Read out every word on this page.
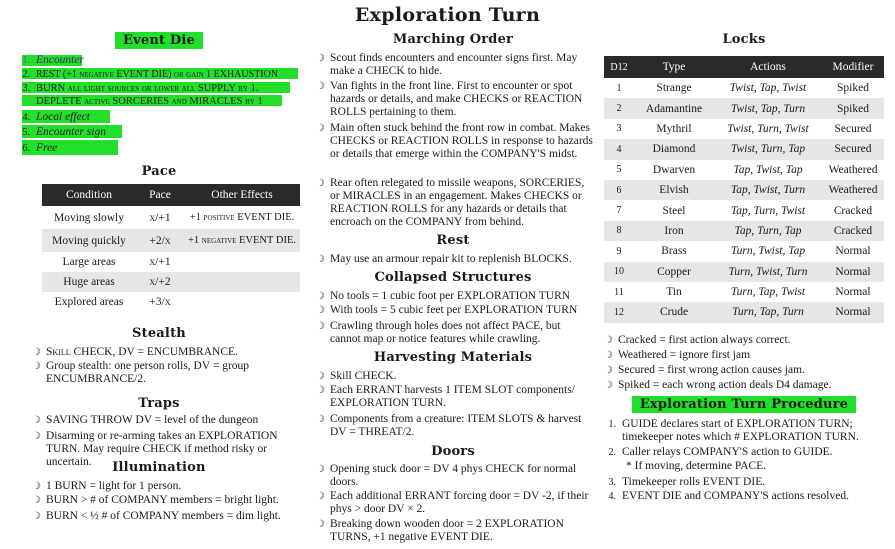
Exploration Turn
Event Die
1. Encounter
2. REST (+1 negative EVENT DIE) or gain 1 EXHAUSTION
3. BURN all light sources or lower all SUPPLY by 1.
DEPLETE active SORCERIES and MIRACLES by 1
4. Local effect
5. Encounter sign
6. Free
Pace
Condition	Pace	Other Effects
Moving slowly	x/+1	+1 positive EVENT DIE.
Moving quickly	+2/x	+1 negative EVENT DIE.
Large areas	x/+1	
Huge areas	x/+2	
Explored areas	+3/x	
Stealth
☽ Skill CHECK, DV = ENCUMBRANCE.
☽ Group stealth: one person rolls, DV = group ENCUMBRANCE/2.
Traps
☽ SAVING THROW DV = level of the dungeon
☽ Disarming or re-arming takes an EXPLORATION TURN. May require CHECK if method risky or uncertain.	Illumination
☽ 1 BURN = light for 1 person.
☽ BURN > # of COMPANY members = bright light.
☽ BURN < ½ # of COMPANY members = dim light.
Marching Order
☽ Scout finds encounters and encounter signs first. May make a CHECK to hide.
☽ Van fights in the front line. First to encounter or spot hazards or details, and make CHECKS or REACTION ROLLS pertaining to them.
☽ Main often stuck behind the front row in combat. Makes CHECKS or REACTION ROLLS in response to hazards or details that emerge within the COMPANY'S midst.
☽ Rear often relegated to missile weapons, SORCERIES, or MIRACLES in an engagement. Makes CHECKS or REACTION ROLLS for any hazards or details that encroach on the COMPANY from behind.
Rest
☽ May use an armour repair kit to replenish BLOCKS.
Collapsed Structures
☽ No tools = 1 cubic foot per EXPLORATION TURN
☽ With tools = 5 cubic feet per EXPLORATION TURN
☽ Crawling through holes does not affect PACE, but cannot map or notice features while crawling.
Harvesting Materials
☽ Skill CHECK.
☽ Each ERRANT harvests 1 ITEM SLOT components/ EXPLORATION TURN.
☽ Components from a creature: ITEM SLOTS & harvest DV = THREAT/2.
Doors
☽ Opening stuck door = DV 4 phys CHECK for normal doors.
☽ Each additional ERRANT forcing door = DV -2, if their phys > door DV × 2.
☽ Breaking down wooden door = 2 EXPLORATION TURNS, +1 negative EVENT DIE.
Locks
D12	Type	Actions	Modifier
1	Strange	Twist, Tap, Twist	Spiked
2	Adamantine	Twist, Tap, Turn	Spiked
3	Mythril	Twist, Turn, Twist	Secured
4	Diamond	Twist, Turn, Tap	Secured
5	Dwarven	Tap, Twist, Tap	Weathered
6	Elvish	Tap, Twist, Turn	Weathered
7	Steel	Tap, Turn, Twist	Cracked
8	Iron	Tap, Turn, Tap	Cracked
9	Brass	Turn, Twist, Tap	Normal
10	Copper	Turn, Twist, Turn	Normal
11	Tin	Turn, Tap, Twist	Normal
12	Crude	Turn, Tap, Turn	Normal
☽ Cracked = first action always correct.
☽ Weathered = ignore first jam
☽ Secured = first wrong action causes jam.
☽ Spiked = each wrong action deals D4 damage.
Exploration Turn Procedure
1. GUIDE declares start of EXPLORATION TURN; timekeeper notes which # EXPLORATION TURN.
2. Caller relays COMPANY'S action to GUIDE.
* If moving, determine PACE.
3. Timekeeper rolls EVENT DIE.
4. EVENT DIE and COMPANY'S actions resolved.
